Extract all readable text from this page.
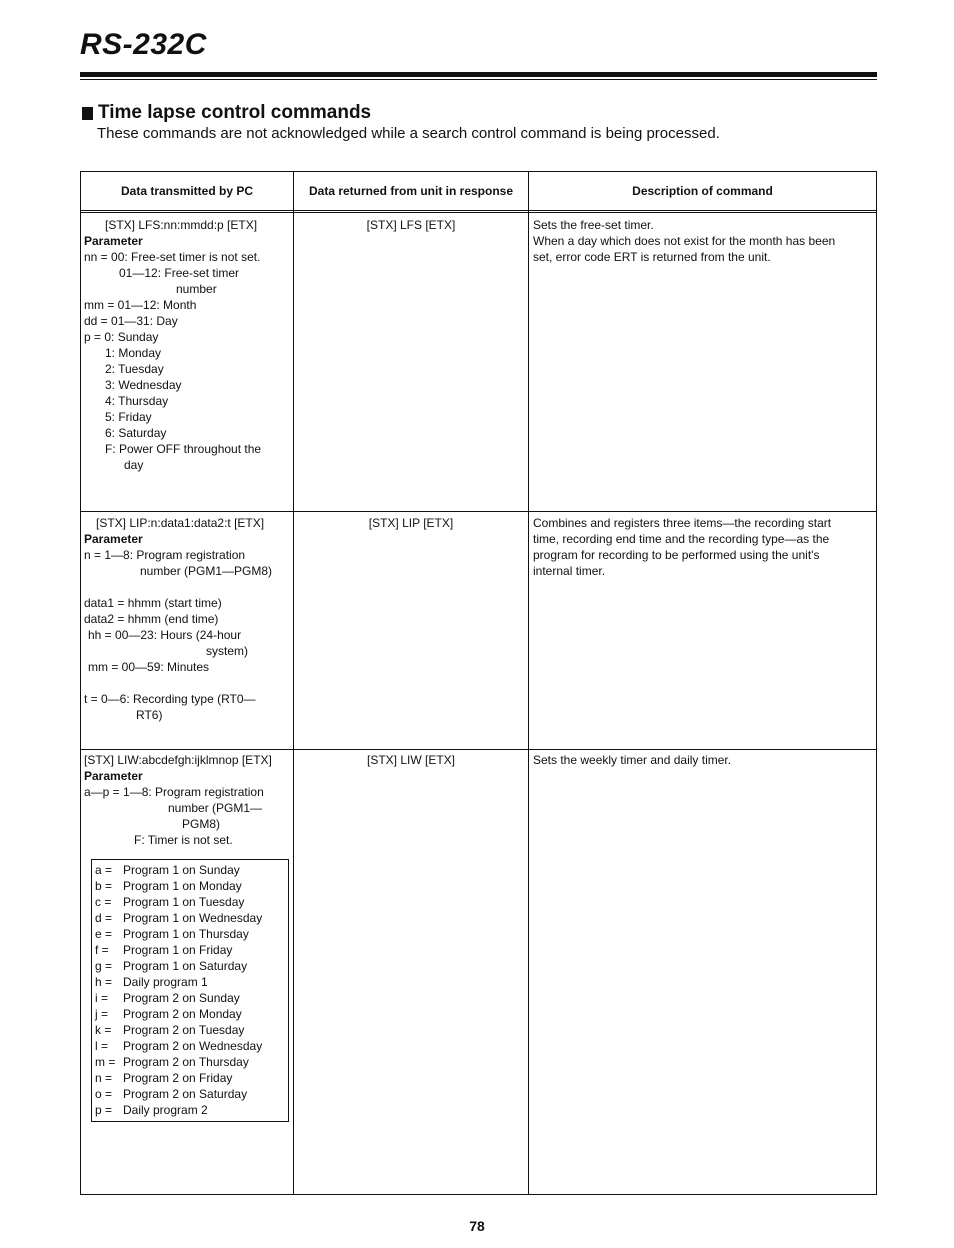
RS-232C
Time lapse control commands

These commands are not acknowledged while a search control command is being processed.

Data transmitted by PC	Data returned from unit in response	Description of command
[STX] LFS:nn:mmdd:p [ETX]
Parameter
nn = 00: Free-set timer is not set.
01—12: Free-set timer
number
mm = 01—12: Month
dd = 01—31: Day
p = 0: Sunday
1: Monday
2: Tuesday
3: Wednesday
4: Thursday
5: Friday
6: Saturday
F: Power OFF throughout the
day
[STX] LFS [ETX]	Sets the free-set timer.
When a day which does not exist for the month has been
set, error code ERT is returned from the unit.
[STX] LIP:n:data1:data2:t [ETX]
Parameter
n = 1—8: Program registration
number (PGM1—PGM8)
data1 = hhmm (start time)
data2 = hhmm (end time)
hh = 00—23: Hours (24-hour
system)
mm = 00—59: Minutes
t = 0—6: Recording type (RT0—
RT6)
[STX] LIP [ETX]	Combines and registers three items—the recording start
time, recording end time and the recording type—as the
program for recording to be performed using the unit's
internal timer.
[STX] LIW:abcdefgh:ijklmnop [ETX]
Parameter
a—p = 1—8: Program registration
number (PGM1—
PGM8)
F: Timer is not set.
a = Program 1 on Sunday
b = Program 1 on Monday
c = Program 1 on Tuesday
d = Program 1 on Wednesday
e = Program 1 on Thursday
f = Program 1 on Friday
g = Program 1 on Saturday
h = Daily program 1
i = Program 2 on Sunday
j = Program 2 on Monday
k = Program 2 on Tuesday
l = Program 2 on Wednesday
m = Program 2 on Thursday
n = Program 2 on Friday
o = Program 2 on Saturday
p = Daily program 2
[STX] LIW [ETX]	Sets the weekly timer and daily timer.
78
